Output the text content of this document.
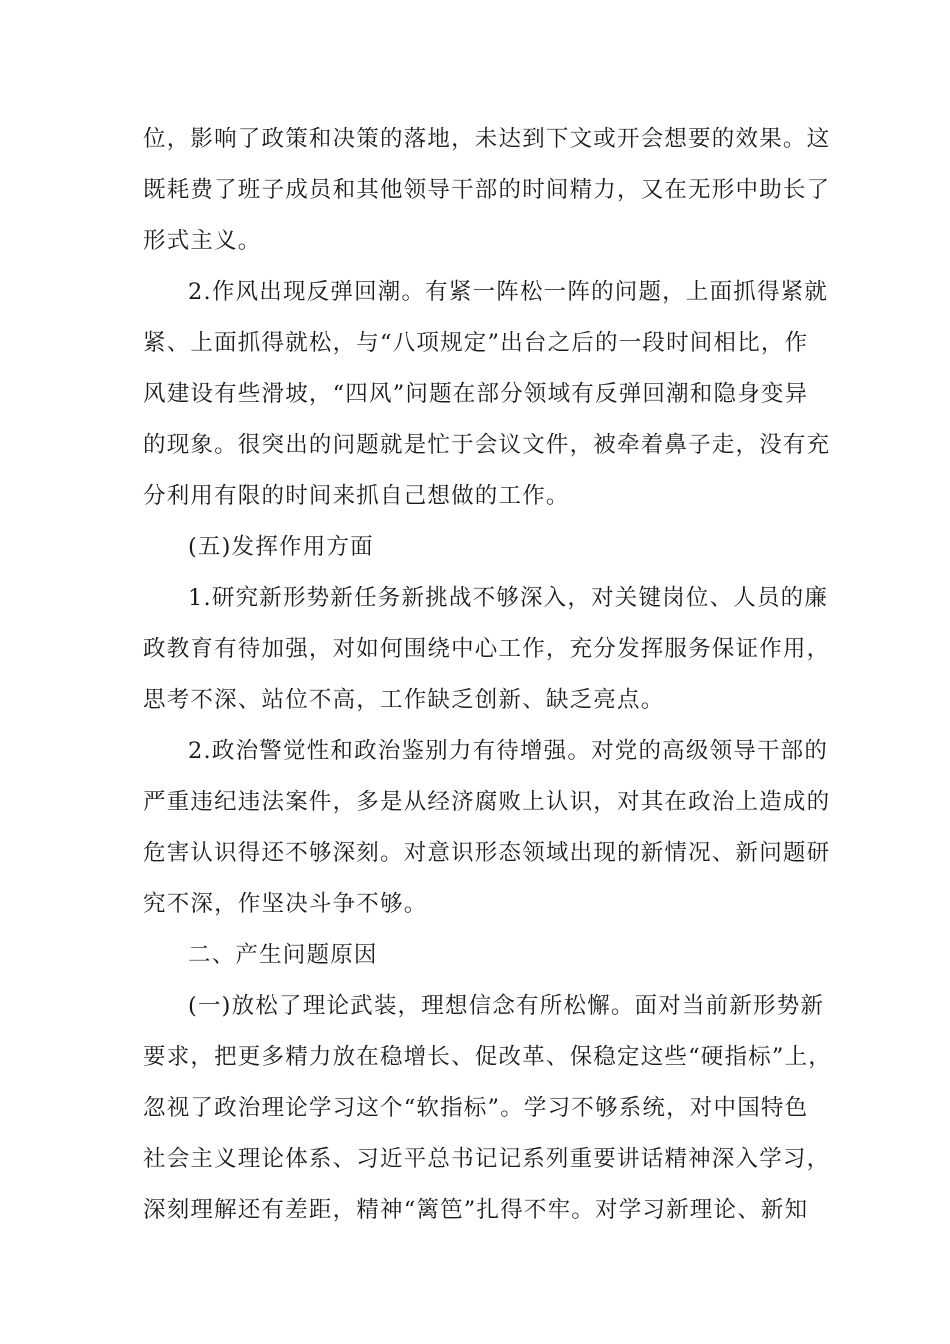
位，影响了政策和决策的落地，未达到下文或开会想要的效果。这

既耗费了班子成员和其他领导干部的时间精力，又在无形中助长了

形式主义。

2.作风出现反弹回潮。有紧一阵松一阵的问题，上面抓得紧就

紧、上面抓得就松，与“八项规定”出台之后的一段时间相比，作

风建设有些滑坡，“四风”问题在部分领域有反弹回潮和隐身变异

的现象。很突出的问题就是忙于会议文件，被牵着鼻子走，没有充

分利用有限的时间来抓自己想做的工作。

(五)发挥作用方面

1.研究新形势新任务新挑战不够深入，对关键岗位、人员的廉

政教育有待加强，对如何围绕中心工作，充分发挥服务保证作用，

思考不深、站位不高，工作缺乏创新、缺乏亮点。

2.政治警觉性和政治鉴别力有待增强。对党的高级领导干部的

严重违纪违法案件，多是从经济腐败上认识，对其在政治上造成的

危害认识得还不够深刻。对意识形态领域出现的新情况、新问题研

究不深，作坚决斗争不够。

二、产生问题原因

(一)放松了理论武装，理想信念有所松懈。面对当前新形势新

要求，把更多精力放在稳增长、促改革、保稳定这些“硬指标”上，

忽视了政治理论学习这个“软指标”。学习不够系统，对中国特色

社会主义理论体系、习近平总书记记系列重要讲话精神深入学习，

深刻理解还有差距，精神“篱笆”扎得不牢。对学习新理论、新知
